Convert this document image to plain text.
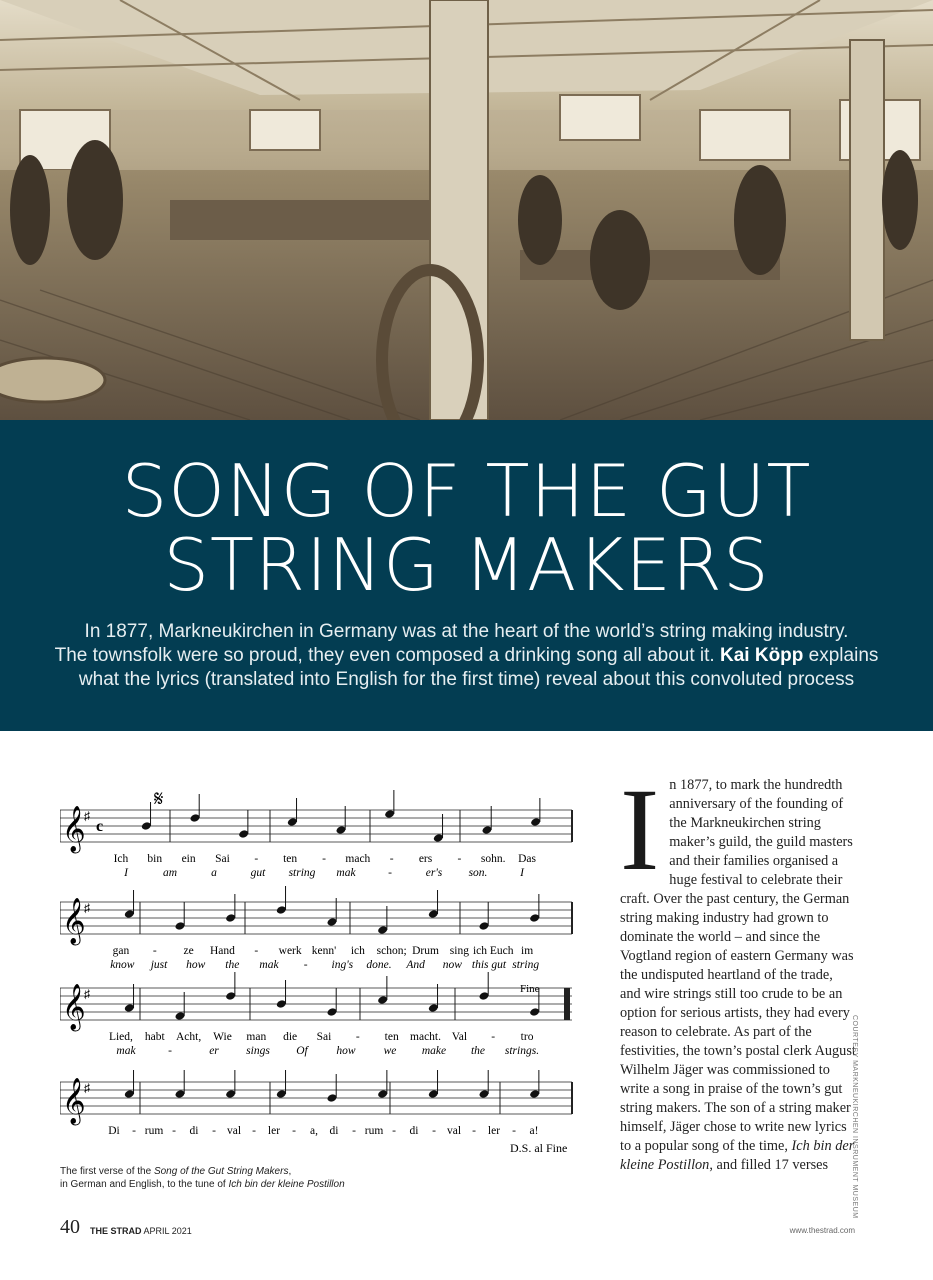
SONG OF THE GUT
STRING MAKERS
In 1877, Markneukirchen in Germany was at the heart of the world’s string making industry.
The townsfolk were so proud, they even composed a drinking song all about it. Kai Köpp explains
what the lyrics (translated into English for the first time) reveal about this convoluted process
𝄋
Fine
D.S. al Fine
𝄞
♯
c
Ich bin ein Sai - ten - mach - ers - sohn. Das
I	am	a	gut string mak	-	er's son.	I
𝄞
♯
gan - ze Hand - werk kenn' ich schon; Drum sing ich Euch im
know just how the mak - ing's done. And now this gut string
𝄞
♯
Lied, habt Acht, Wie man die Sai - ten macht. Val - tro
mak	-	er sings Of how we make the strings.
𝄞
♯
Di - rum - di - val - ler - a, di - rum - di - val - ler - a!
The first verse of the Song of the Gut String Makers,
in German and English, to the tune of Ich bin der kleine Postillon
I n 1877, to mark the hundredth anniversary of the founding of the Markneukirchen string maker’s guild, the guild masters and their families organised a huge festival to celebrate their craft. Over the past century, the German string making industry had grown to dominate the world – and since the Vogtland region of eastern Germany was the undisputed heartland of the trade, and wire strings still too crude to be an option for serious artists, they had every reason to celebrate. As part of the festivities, the town’s postal clerk August Wilhelm Jäger was commissioned to write a song in praise of the town’s gut string makers. The son of a string maker himself, Jäger chose to write new lyrics to a popular song of the time, Ich bin der kleine Postillon, and filled 17 verses	COURTESY MARKNEUKIRCHEN INSRUMENT MUSEUM
40 THE STRAD APRIL 2021	www.thestrad.com
